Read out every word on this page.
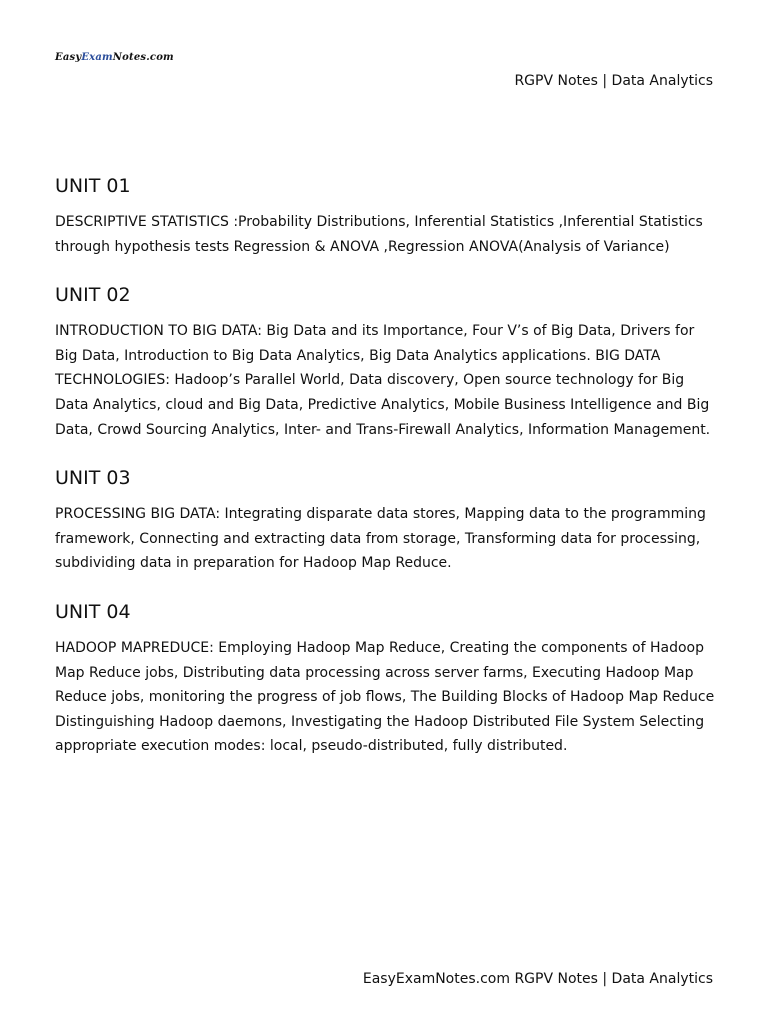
EasyExamNotes.com
RGPV Notes | Data Analytics
UNIT 01

DESCRIPTIVE STATISTICS :Probability Distributions, Inferential Statistics ,Inferential Statistics through hypothesis tests Regression & ANOVA ,Regression ANOVA(Analysis of Variance)

UNIT 02

INTRODUCTION TO BIG DATA: Big Data and its Importance, Four V’s of Big Data, Drivers for Big Data, Introduction to Big Data Analytics, Big Data Analytics applications. BIG DATA TECHNOLOGIES: Hadoop’s Parallel World, Data discovery, Open source technology for Big Data Analytics, cloud and Big Data, Predictive Analytics, Mobile Business Intelligence and Big Data, Crowd Sourcing Analytics, Inter- and Trans-Firewall Analytics, Information Management.

UNIT 03

PROCESSING BIG DATA: Integrating disparate data stores, Mapping data to the programming framework, Connecting and extracting data from storage, Transforming data for processing, subdividing data in preparation for Hadoop Map Reduce.

UNIT 04

HADOOP MAPREDUCE: Employing Hadoop Map Reduce, Creating the components of Hadoop Map Reduce jobs, Distributing data processing across server farms, Executing Hadoop Map Reduce jobs, monitoring the progress of job flows, The Building Blocks of Hadoop Map Reduce Distinguishing Hadoop daemons, Investigating the Hadoop Distributed File System Selecting appropriate execution modes: local, pseudo-distributed, fully distributed.

EasyExamNotes.com RGPV Notes | Data Analytics
